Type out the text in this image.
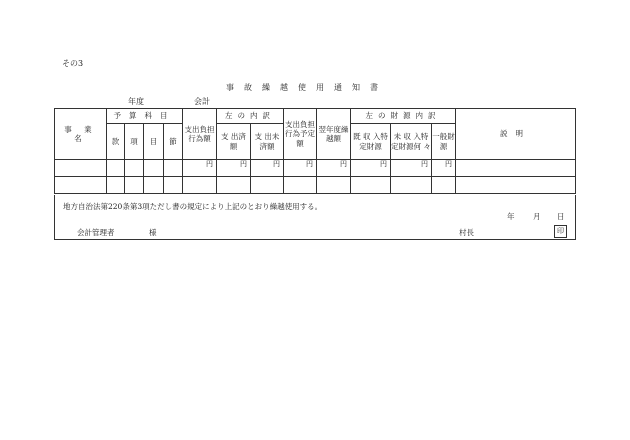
その3
事故繰越使用通知書
年度	会計
事 業 名	予算科目				支出負担行為額	左の内訳		支出負担行為予定額	翌年度繰越額	左の財源内訳			説明
	款	項	目	節		支 出済 額	支 出未済額			既 収 入特定財源	未 収 入特定財源何 々	一般財源	

					円	円	円	円	円	円	円	円	

地方自治法第220条第3項ただし書の規定により上記のとおり繰越使用する。
年 月 日
会計管理者	様	村長	印
